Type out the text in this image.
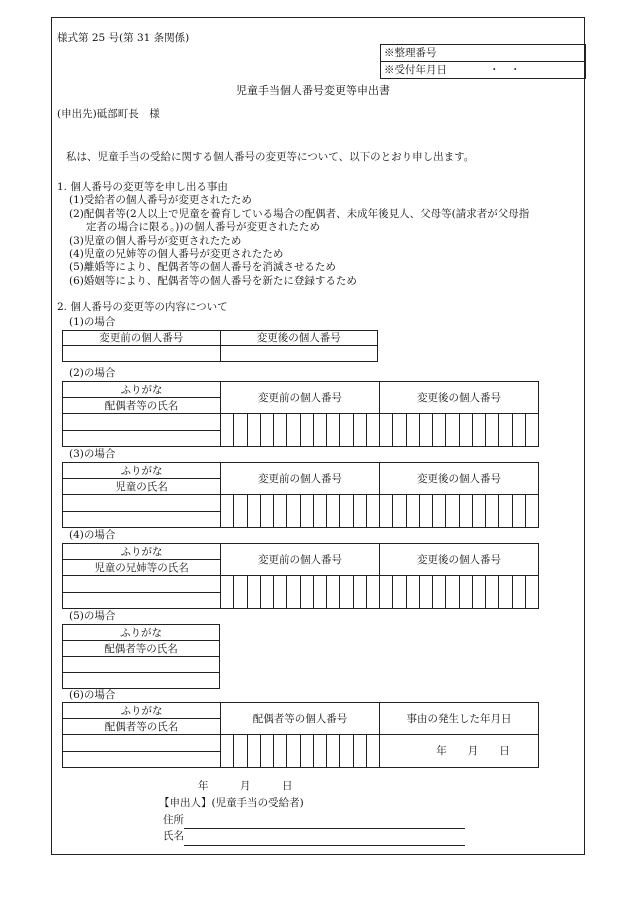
様式第 25 号(第 31 条関係)
※整理番号
※受付年月日	・　・
児童手当個人番号変更等申出書
(申出先)砥部町長　様
私は、児童手当の受給に関する個人番号の変更等について、以下のとおり申し出ます。
1. 個人番号の変更等を申し出る事由
(1)受給者の個人番号が変更されたため
(2)配偶者等(2人以上で児童を養育している場合の配偶者、未成年後見人、父母等(請求者が父母指
定者の場合に限る。))の個人番号が変更されたため
(3)児童の個人番号が変更されたため
(4)児童の兄姉等の個人番号が変更されたため
(5)離婚等により、配偶者等の個人番号を消滅させるため
(6)婚姻等により、配偶者等の個人番号を新たに登録するため
2. 個人番号の変更等の内容について
(1)の場合
変更前の個人番号	変更後の個人番号

(2)の場合
ふりがな	変更前の個人番号	変更後の個人番号
配偶者等の氏名		

(3)の場合
ふりがな	変更前の個人番号	変更後の個人番号
児童の氏名		

(4)の場合
ふりがな	変更前の個人番号	変更後の個人番号
児童の兄姉等の氏名		

(5)の場合
ふりがな
配偶者等の氏名

(6)の場合
ふりがな	配偶者等の個人番号	事由の発生した年月日
配偶者等の氏名		

	年　　月　　日

年　　　月　　　日
【申出人】(児童手当の受給者)
住所
氏名
